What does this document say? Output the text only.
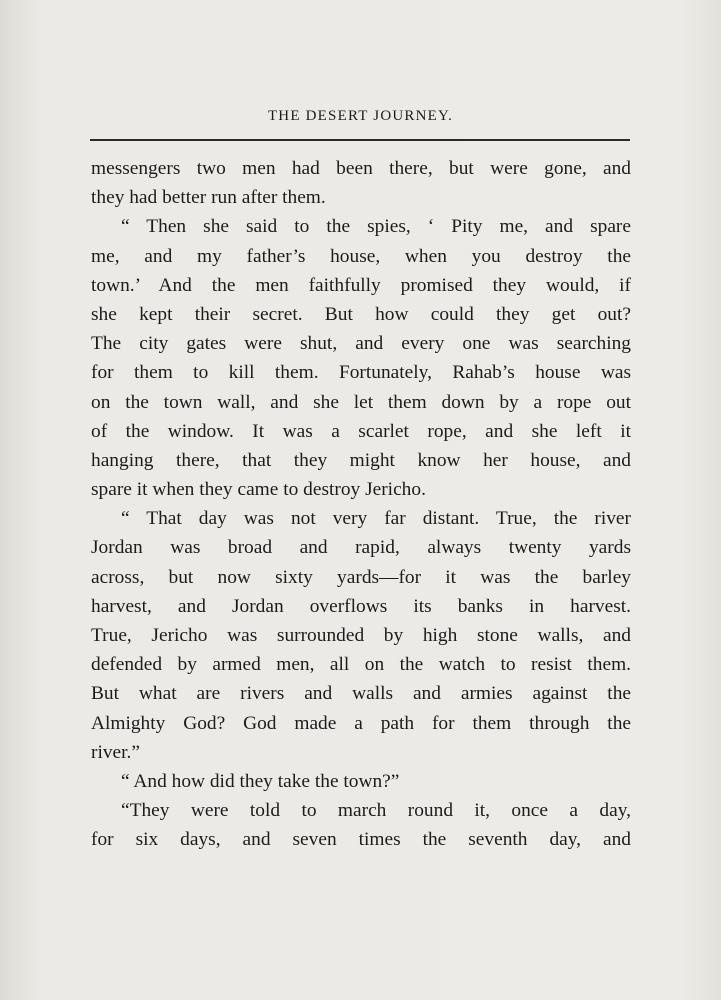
THE DESERT JOURNEY.
messengers two men had been there, but were gone, and
they had better run after them.
“ Then she said to the spies, ‘ Pity me, and spare
me, and my father’s house, when you destroy the
town.’ And the men faithfully promised they would, if
she kept their secret. But how could they get out?
The city gates were shut, and every one was searching
for them to kill them. Fortunately, Rahab’s house was
on the town wall, and she let them down by a rope out
of the window. It was a scarlet rope, and she left it
hanging there, that they might know her house, and
spare it when they came to destroy Jericho.
“ That day was not very far distant. True, the river
Jordan was broad and rapid, always twenty yards
across, but now sixty yards—for it was the barley
harvest, and Jordan overflows its banks in harvest.
True, Jericho was surrounded by high stone walls, and
defended by armed men, all on the watch to resist them.
But what are rivers and walls and armies against the
Almighty God? God made a path for them through the
river.”
“ And how did they take the town?”
“They were told to march round it, once a day,
for six days, and seven times the seventh day, and
